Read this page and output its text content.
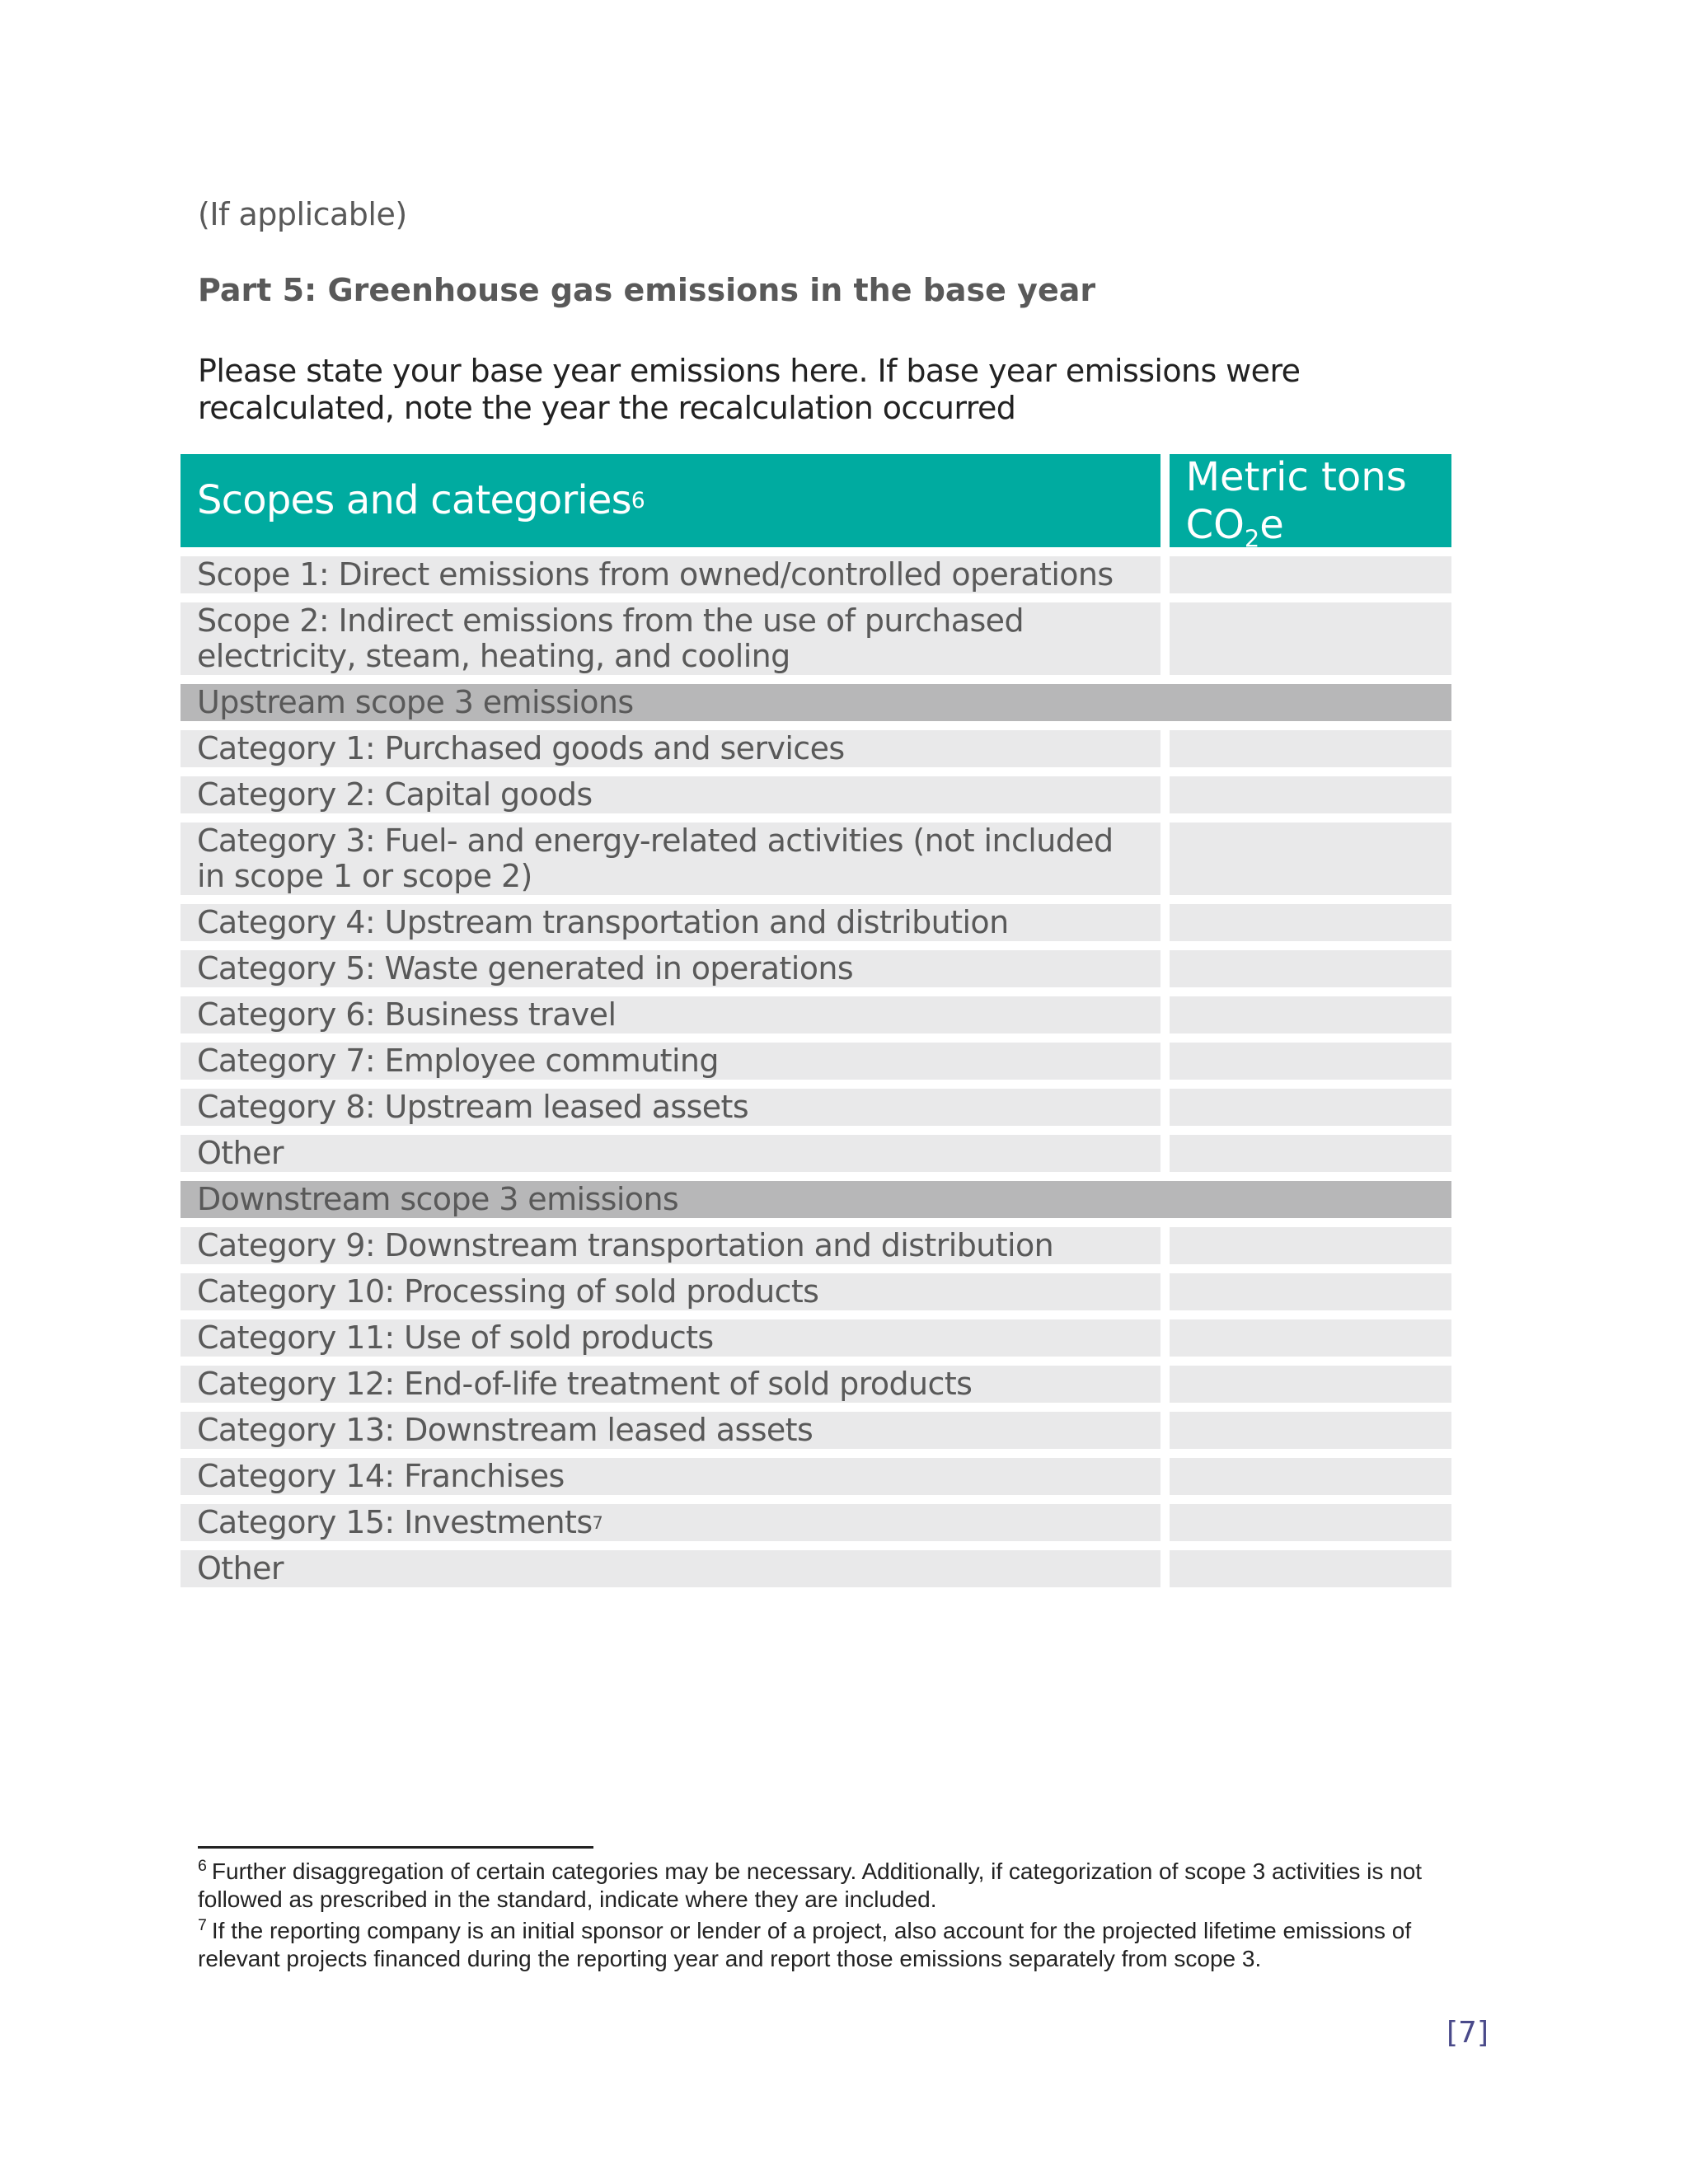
(If applicable)
Part 5: Greenhouse gas emissions in the base year
Please state your base year emissions here. If base year emissions were recalculated, note the year the recalculation occurred
Scopes and categories 6
Metric tons $CO_2e$
Scope 1: Direct emissions from owned/controlled operations
Scope 2: Indirect emissions from the use of purchased electricity, steam, heating, and cooling
Upstream scope 3 emissions
Category 1: Purchased goods and services
Category 2: Capital goods
Category 3: Fuel- and energy-related activities (not included in scope 1 or scope 2)
Category 4: Upstream transportation and distribution
Category 5: Waste generated in operations
Category 6: Business travel
Category 7: Employee commuting
Category 8: Upstream leased assets
Other
Downstream scope 3 emissions
Category 9: Downstream transportation and distribution
Category 10: Processing of sold products
Category 11: Use of sold products
Category 12: End-of-life treatment of sold products
Category 13: Downstream leased assets
Category 14: Franchises
Category 15: Investments 7
Other
$^6$ Further disaggregation of certain categories may be necessary. Additionally, if categorization of scope 3 activities is not followed as prescribed in the standard, indicate where they are included.
$^7$ If the reporting company is an initial sponsor or lender of a project, also account for the projected lifetime emissions of relevant projects financed during the reporting year and report those emissions separately from scope 3.
[7]
